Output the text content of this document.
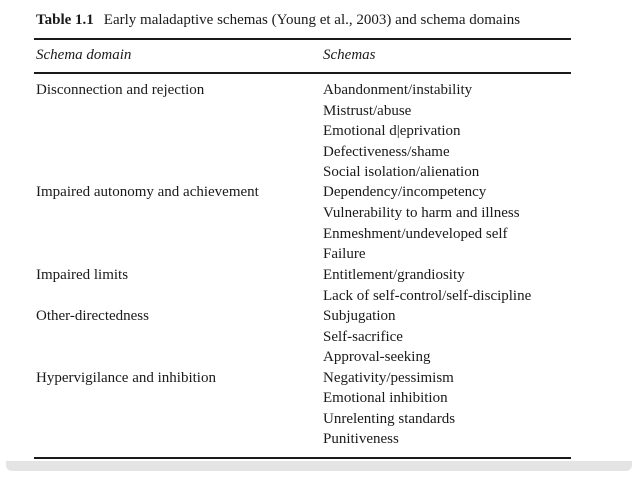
Table 1.1 Early maladaptive schemas (Young et al., 2003) and schema domains
Schema domain	Schemas
Disconnection and rejection
Impaired autonomy and achievement
Impaired limits
Other-directedness
Hypervigilance and inhibition
Abandonment/instability
Mistrust/abuse
Emotional d|eprivation
Defectiveness/shame
Social isolation/alienation
Dependency/incompetency
Vulnerability to harm and illness
Enmeshment/undeveloped self
Failure
Entitlement/grandiosity
Lack of self-control/self-discipline
Subjugation
Self-sacrifice
Approval-seeking
Negativity/pessimism
Emotional inhibition
Unrelenting standards
Punitiveness
